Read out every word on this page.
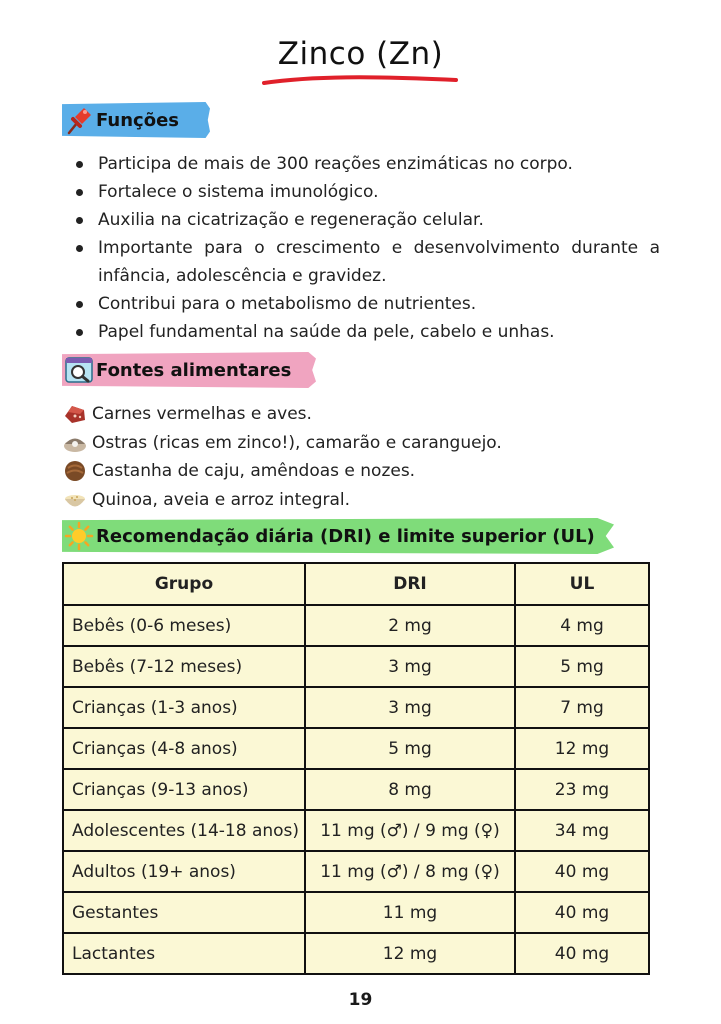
Zinco (Zn)
Funções
Participa de mais de 300 reações enzimáticas no corpo.
Fortalece o sistema imunológico.
Auxilia na cicatrização e regeneração celular.
Importante para o crescimento e desenvolvimento durante a infância, adolescência e gravidez.
Contribui para o metabolismo de nutrientes.
Papel fundamental na saúde da pele, cabelo e unhas.
Fontes alimentares
Carnes vermelhas e aves.
Ostras (ricas em zinco!), camarão e caranguejo.
Castanha de caju, amêndoas e nozes.
Quinoa, aveia e arroz integral.
Recomendação diária (DRI) e limite superior (UL)
Grupo	DRI	UL
Bebês (0-6 meses)	2 mg	4 mg
Bebês (7-12 meses)	3 mg	5 mg
Crianças (1-3 anos)	3 mg	7 mg
Crianças (4-8 anos)	5 mg	12 mg
Crianças (9-13 anos)	8 mg	23 mg
Adolescentes (14-18 anos)	11 mg (♂) / 9 mg (♀)	34 mg
Adultos (19+ anos)	11 mg (♂) / 8 mg (♀)	40 mg
Gestantes	11 mg	40 mg
Lactantes	12 mg	40 mg
19
